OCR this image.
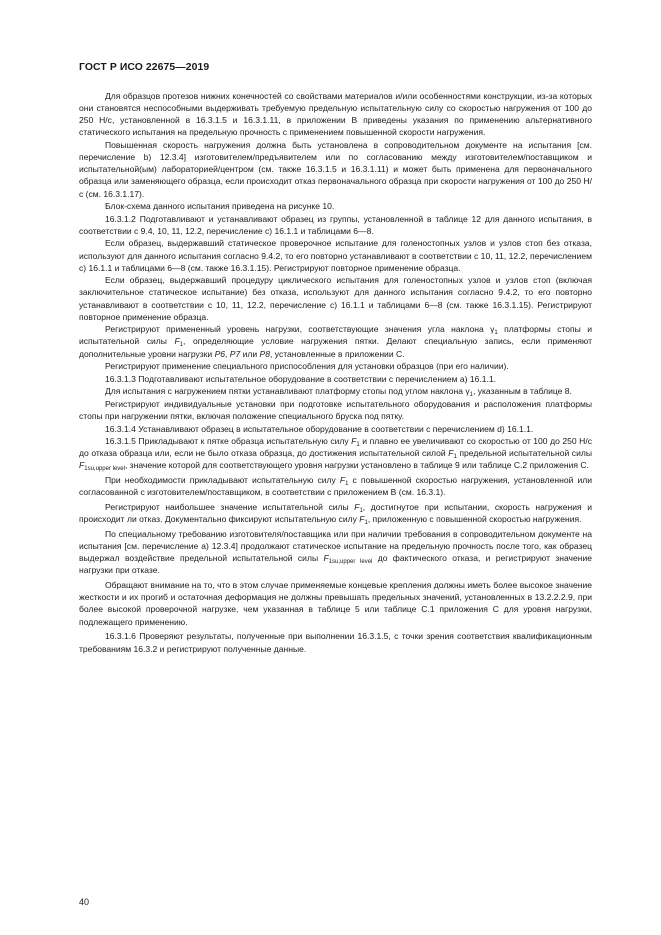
ГОСТ Р ИСО 22675—2019

Для образцов протезов нижних конечностей со свойствами материалов и/или особенностями конструкции, из-за которых они становятся неспособными выдерживать требуемую предельную испытательную силу со скоростью нагружения от 100 до 250 Н/с, установленной в 16.3.1.5 и 16.3.1.11, в приложении В приведены указания по применению альтернативного статического испытания на предельную прочность с применением повышенной скорости нагружения.

Повышенная скорость нагружения должна быть установлена в сопроводительном документе на испытания [см. перечисление b) 12.3.4] изготовителем/предъявителем или по согласованию между изготовителем/поставщиком и испытательной(ым) лабораторией/центром (см. также 16.3.1.5 и 16.3.1.11) и может быть применена для первоначального образца или заменяющего образца, если происходит отказ первоначального образца при скорости нагружения от 100 до 250 Н/с (см. 16.3.1.17).

Блок-схема данного испытания приведена на рисунке 10.

16.3.1.2 Подготавливают и устанавливают образец из группы, установленной в таблице 12 для данного испытания, в соответствии с 9.4, 10, 11, 12.2, перечисление с) 16.1.1 и таблицами 6—8.

Если образец, выдержавший статическое проверочное испытание для голеностопных узлов и узлов стоп без отказа, используют для данного испытания согласно 9.4.2, то его повторно устанавливают в соответствии с 10, 11, 12.2, перечислением с) 16.1.1 и таблицами 6—8 (см. также 16.3.1.15). Регистрируют повторное применение образца.

Если образец, выдержавший процедуру циклического испытания для голеностопных узлов и узлов стоп (включая заключительное статическое испытание) без отказа, используют для данного испытания согласно 9.4.2, то его повторно устанавливают в соответствии с 10, 11, 12.2, перечисление с) 16.1.1 и таблицами 6—8 (см. также 16.3.1.15). Регистрируют повторное применение образца.

Регистрируют примененный уровень нагрузки, соответствующие значения угла наклона $\gamma_1$ платформы стопы и испытательной силы $F_1$, определяющие условие нагружения пятки. Делают специальную запись, если применяют дополнительные уровни нагрузки P6, P7 или P8, установленные в приложении С.

Регистрируют применение специального приспособления для установки образцов (при его наличии).

16.3.1.3 Подготавливают испытательное оборудование в соответствии с перечислением а) 16.1.1.

Для испытания с нагружением пятки устанавливают платформу стопы под углом наклона $\gamma_1$, указанным в таблице 8.

Регистрируют индивидуальные установки при подготовке испытательного оборудования и расположения платформы стопы при нагружении пятки, включая положение специального бруска под пятку.

16.3.1.4 Устанавливают образец в испытательное оборудование в соответствии с перечислением d) 16.1.1.

16.3.1.5 Прикладывают к пятке образца испытательную силу $F_1$ и плавно ее увеличивают со скоростью от 100 до 250 Н/с до отказа образца или, если не было отказа образца, до достижения испытательной силой $F_1$ предельной испытательной силы $F_{1su,upper level}$, значение которой для соответствующего уровня нагрузки установлено в таблице 9 или таблице С.2 приложения С.

При необходимости прикладывают испытательную силу $F_1$ с повышенной скоростью нагружения, установленной или согласованной с изготовителем/поставщиком, в соответствии с приложением В (см. 16.3.1).

Регистрируют наибольшее значение испытательной силы $F_1$, достигнутое при испытании, скорость нагружения и происходит ли отказ. Документально фиксируют испытательную силу $F_1$, приложенную с повышенной скоростью нагружения.

По специальному требованию изготовителя/поставщика или при наличии требования в сопроводительном документе на испытания [см. перечисление а) 12.3.4] продолжают статическое испытание на предельную прочность после того, как образец выдержал воздействие предельной испытательной силы $F_{1su,upper level}$ до фактического отказа, и регистрируют значение нагрузки при отказе.

Обращают внимание на то, что в этом случае применяемые концевые крепления должны иметь более высокое значение жесткости и их прогиб и остаточная деформация не должны превышать предельных значений, установленных в 13.2.2.2.9, при более высокой проверочной нагрузке, чем указанная в таблице 5 или таблице С.1 приложения С для уровня нагрузки, подлежащего применению.

16.3.1.6 Проверяют результаты, полученные при выполнении 16.3.1.5, с точки зрения соответствия квалификационным требованиям 16.3.2 и регистрируют полученные данные.

40
